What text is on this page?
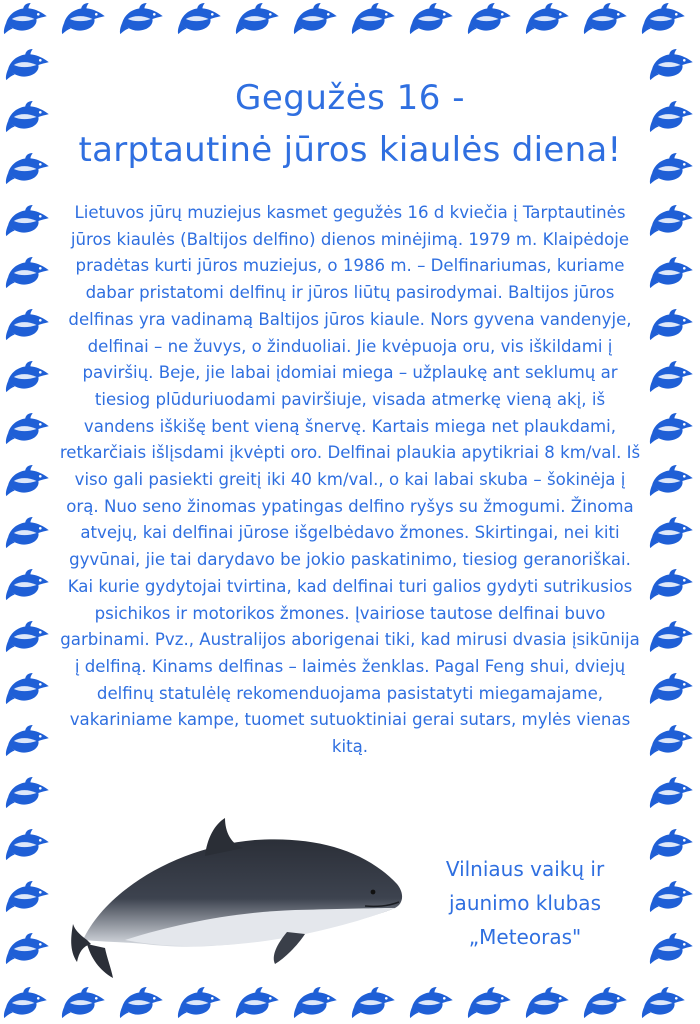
Gegužės 16 -
tarptautinė jūros kiaulės diena!

Lietuvos jūrų muziejus kasmet gegužės 16 d kviečia į Tarptautinės jūros kiaulės (Baltijos delfino) dienos minėjimą. 1979 m. Klaipėdoje pradėtas kurti jūros muziejus, o 1986 m. – Delfinariumas, kuriame dabar pristatomi delfinų ir jūros liūtų pasirodymai. Baltijos jūros delfinas yra vadinamą Baltijos jūros kiaule. Nors gyvena vandenyje, delfinai – ne žuvys, o žinduoliai. Jie kvėpuoja oru, vis iškildami į paviršių. Beje, jie labai įdomiai miega – užplaukę ant seklumų ar tiesiog plūduriuodami paviršiuje, visada atmerkę vieną akį, iš vandens iškišę bent vieną šnervę. Kartais miega net plaukdami, retkarčiais išlįsdami įkvėpti oro. Delfinai plaukia apytikriai 8 km/val. Iš viso gali pasiekti greitį iki 40 km/val., o kai labai skuba – šokinėja į orą. Nuo seno žinomas ypatingas delfino ryšys su žmogumi. Žinoma atvejų, kai delfinai jūrose išgelbėdavo žmones. Skirtingai, nei kiti gyvūnai, jie tai darydavo be jokio paskatinimo, tiesiog geranoriškai. Kai kurie gydytojai tvirtina, kad delfinai turi galios gydyti sutrikusios psichikos ir motorikos žmones. Įvairiose tautose delfinai buvo garbinami. Pvz., Australijos aborigenai tiki, kad mirusi dvasia įsikūnija į delfiną. Kinams delfinas – laimės ženklas. Pagal Feng shui, dviejų delfinų statulėlę rekomenduojama pasistatyti miegamajame, vakariniame kampe, tuomet sutuoktiniai gerai sutars, mylės vienas kitą.

Vilniaus vaikų ir
jaunimo klubas
„Meteoras"
